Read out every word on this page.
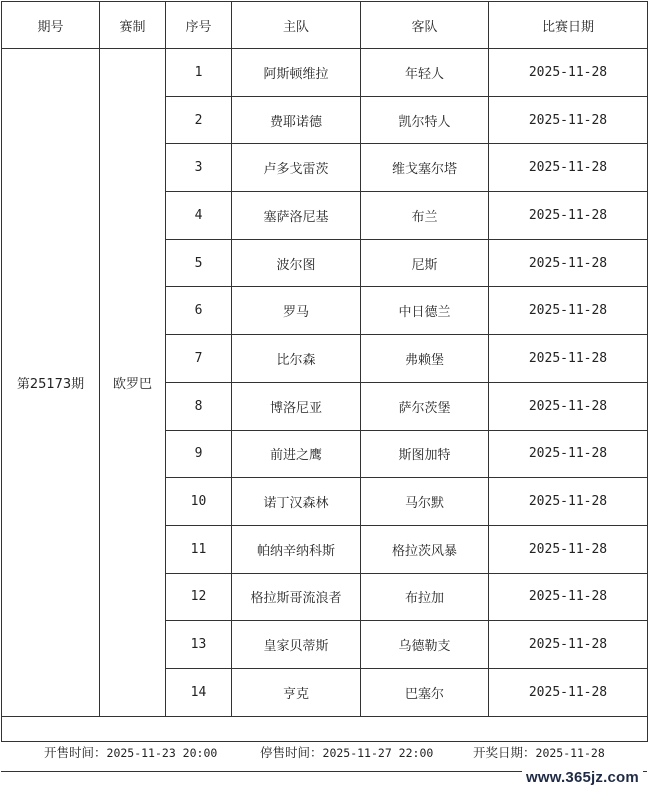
期号	赛制	序号	主队	客队	比赛日期
第25173期	欧罗巴	1	阿斯顿维拉	年轻人	2025-11-28
		2	费耶诺德	凯尔特人	2025-11-28
		3	卢多戈雷茨	维戈塞尔塔	2025-11-28
		4	塞萨洛尼基	布兰	2025-11-28
		5	波尔图	尼斯	2025-11-28
		6	罗马	中日德兰	2025-11-28
		7	比尔森	弗赖堡	2025-11-28
		8	博洛尼亚	萨尔茨堡	2025-11-28
		9	前进之鹰	斯图加特	2025-11-28
		10	诺丁汉森林	马尔默	2025-11-28
		11	帕纳辛纳科斯	格拉茨风暴	2025-11-28
		12	格拉斯哥流浪者	布拉加	2025-11-28
		13	皇家贝蒂斯	乌德勒支	2025-11-28
		14	亨克	巴塞尔	2025-11-28

开售时间：2025-11-23 20:00	停售时间：2025-11-27 22:00	开奖日期：2025-11-28
www.365jz.com
